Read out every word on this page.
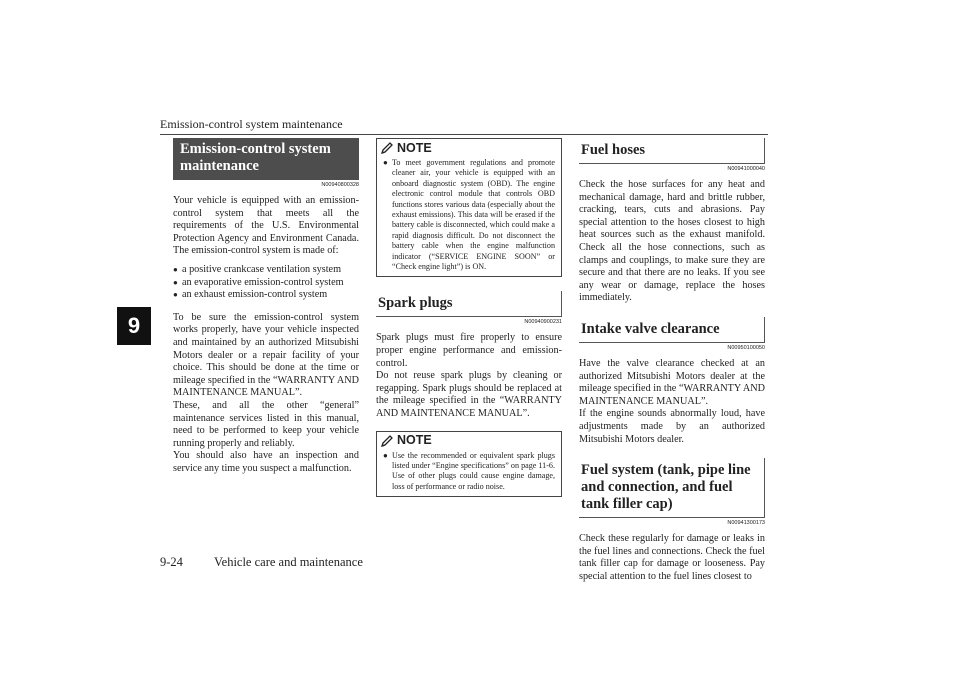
Emission-control system maintenance
9
Emission-control system maintenance
N00940800328

Your vehicle is equipped with an emission-control system that meets all the requirements of the U.S. Environmental Protection Agency and Environment Canada. The emission-control system is made of:

● a positive crankcase ventilation system
● an evaporative emission-control system
● an exhaust emission-control system

To be sure the emission-control system works properly, have your vehicle inspected and maintained by an authorized Mitsubishi Motors dealer or a repair facility of your choice. This should be done at the time or mileage specified in the “WARRANTY AND MAINTENANCE MANUAL”.

These, and all the other “general” maintenance services listed in this manual, need to be performed to keep your vehicle running properly and reliably.

You should also have an inspection and service any time you suspect a malfunction.

NOTE
● To meet government regulations and promote cleaner air, your vehicle is equipped with an onboard diagnostic system (OBD). The engine electronic control module that controls OBD functions stores various data (especially about the exhaust emissions). This data will be erased if the battery cable is disconnected, which could make a rapid diagnosis difficult. Do not disconnect the battery cable when the engine malfunction indicator (“SERVICE ENGINE SOON” or “Check engine light”) is ON.

Spark plugs
N00940900231

Spark plugs must fire properly to ensure proper engine performance and emission-control.

Do not reuse spark plugs by cleaning or regapping. Spark plugs should be replaced at the mileage specified in the “WARRANTY AND MAINTENANCE MANUAL”.

NOTE
● Use the recommended or equivalent spark plugs listed under “Engine specifications” on page 11-6. Use of other plugs could cause engine damage, loss of performance or radio noise.

Fuel hoses
N00941000040

Check the hose surfaces for any heat and mechanical damage, hard and brittle rubber, cracking, tears, cuts and abrasions. Pay special attention to the hoses closest to high heat sources such as the exhaust manifold. Check all the hose connections, such as clamps and couplings, to make sure they are secure and that there are no leaks. If you see any wear or damage, replace the hoses immediately.

Intake valve clearance
N00950100050

Have the valve clearance checked at an authorized Mitsubishi Motors dealer at the mileage specified in the “WARRANTY AND MAINTENANCE MANUAL”.

If the engine sounds abnormally loud, have adjustments made by an authorized Mitsubishi Motors dealer.

Fuel system (tank, pipe line and connection, and fuel tank filler cap)
N00941300173

Check these regularly for damage or leaks in the fuel lines and connections. Check the fuel tank filler cap for damage or looseness. Pay special attention to the fuel lines closest to

9-24 Vehicle care and maintenance
